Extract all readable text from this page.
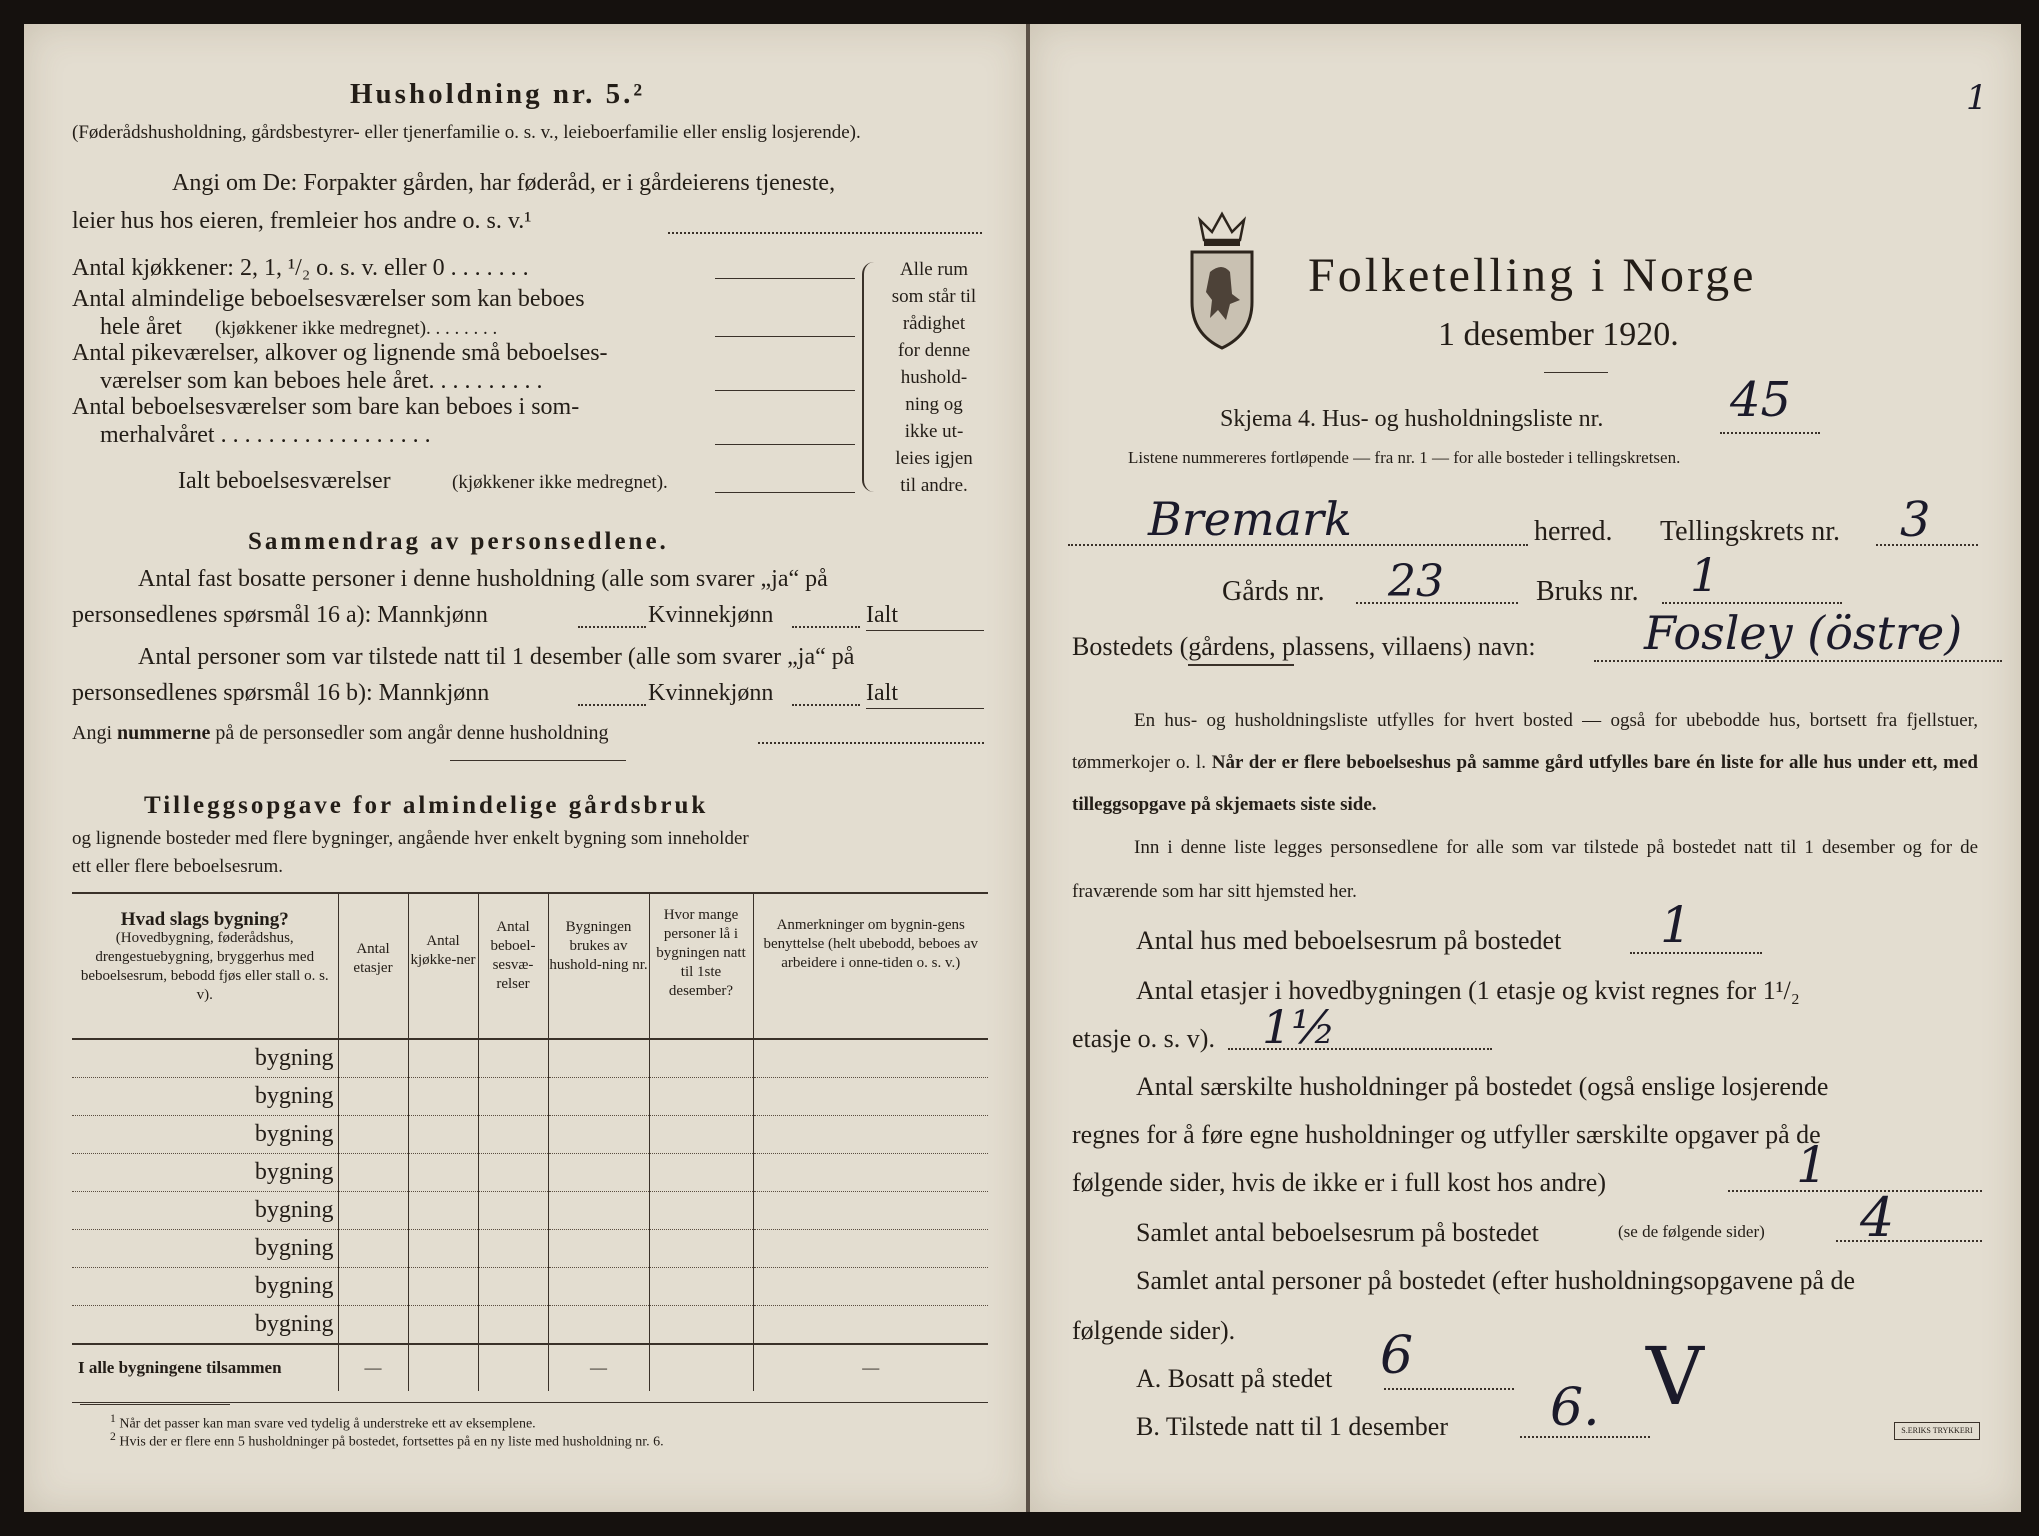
Husholdning nr. 5.²
(Føderådshusholdning, gårdsbestyrer- eller tjenerfamilie o. s. v., leieboerfamilie eller enslig losjerende).
Angi om De: Forpakter gården, har føderåd, er i gårdeierens tjeneste,
leier hus hos eieren, fremleier hos andre o. s. v.¹
Antal kjøkkener: 2, 1, ¹/₂ o. s. v. eller 0 . . . . . . .
Antal almindelige beboelsesværelser som kan beboes
hele året (kjøkkener ikke medregnet). . . . . . . .
Antal pikeværelser, alkover og lignende små beboelses-
værelser som kan beboes hele året. . . . . . . . . .
Antal beboelsesværelser som bare kan beboes i som-
merhalvåret . . . . . . . . . . . . . . . . . .
Ialt beboelsesværelser	(kjøkkener ikke medregnet).
Alle rum
som står til
rådighet
for denne
hushold-
ning og
ikke ut-
leies igjen
til andre.
Sammendrag av personsedlene.
Antal fast bosatte personer i denne husholdning (alle som svarer „ja“ på
personsedlenes spørsmål 16 a): Mannkjønn	Kvinnekjønn	Ialt
Antal personer som var tilstede natt til 1 desember (alle som svarer „ja“ på
personsedlenes spørsmål 16 b): Mannkjønn	Kvinnekjønn	Ialt
Angi nummerne på de personsedler som angår denne husholdning
Tilleggsopgave for almindelige gårdsbruk
og lignende bosteder med flere bygninger, angående hver enkelt bygning som inneholder
ett eller flere beboelsesrum.
Hvad slags bygning?
(Hovedbygning, føderådshus, drengestuebygning, bryggerhus med beboelsesrum, bebodd fjøs eller stall o. s. v).	Antal etasjer	Antal kjøkke-ner	Antal beboel-sesvæ-relser	Bygningen brukes av hushold-ning nr.	Hvor mange personer lå i bygningen natt til 1ste desember?	Anmerkninger om bygnin-gens benyttelse (helt ubebodd, beboes av arbeidere i onne-tiden o. s. v.)
bygning						
bygning						
bygning						
bygning						
bygning						
bygning						
bygning						
bygning						
I alle bygningene tilsammen	—			—		—
$^1$ Når det passer kan man svare ved tydelig å understreke ett av eksemplene.
$^2$ Hvis der er flere enn 5 husholdninger på bostedet, fortsettes på en ny liste med husholdning nr. 6.
Folketelling i Norge
1 desember 1920.
Skjema 4. Hus- og husholdningsliste nr.	45
Listene nummereres fortløpende — fra nr. 1 — for alle bosteder i tellingskretsen.
Bremark	herred. Tellingskrets nr. 3
Gårds nr. 23	Bruks nr. 1
Bostedets (gårdens, plassens, villaens) navn: Fosley (östre)
En hus- og husholdningsliste utfylles for hvert bosted — også for ubebodde hus, bortsett fra fjellstuer, tømmerkojer o. l. Når der er flere beboelseshus på samme gård utfylles bare én liste for alle hus under ett, med tilleggsopgave på skjemaets siste side.
Inn i denne liste legges personsedlene for alle som var tilstede på bostedet natt til 1 desember og for de fraværende som har sitt hjemsted her.
Antal hus med beboelsesrum på bostedet 1
Antal etasjer i hovedbygningen (1 etasje og kvist regnes for 1¹/₂
etasje o. s. v). 1½
Antal særskilte husholdninger på bostedet (også enslige losjerende
regnes for å føre egne husholdninger og utfyller særskilte opgaver på de
følgende sider, hvis de ikke er i full kost hos andre)	1
Samlet antal beboelsesrum på bostedet	(se de følgende sider) 4
Samlet antal personer på bostedet (efter husholdningsopgavene på de
følgende sider).
A. Bosatt på stedet 6
B. Tilstede natt til 1 desember 6. V
1
S.ERIKS TRYKKERI
